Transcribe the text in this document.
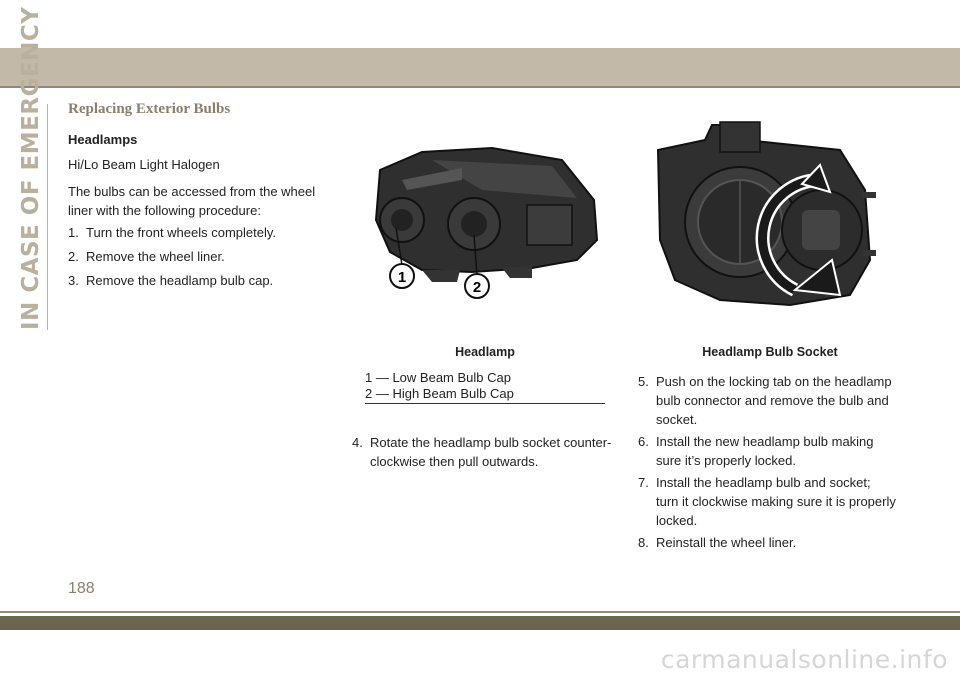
IN CASE OF EMERGENCY Replacing Exterior Bulbs
Headlamps

Hi/Lo Beam Light Halogen

The bulbs can be accessed from the wheel
liner with the following procedure:

1. Turn the front wheels completely.
2. Remove the wheel liner.
3. Remove the headlamp bulb cap.	1
2
Headlamp
1 — Low Beam Bulb Cap
2 — High Beam Bulb Cap
Headlamp Bulb Socket
4. Rotate the headlamp bulb socket counter-
clockwise then pull outwards.
5. Push on the locking tab on the headlamp
bulb connector and remove the bulb and
socket.
6. Install the new headlamp bulb making
sure it’s properly locked.
7. Install the headlamp bulb and socket;
turn it clockwise making sure it is properly
locked.
8. Reinstall the wheel liner.
188
carmanualsonline.info
